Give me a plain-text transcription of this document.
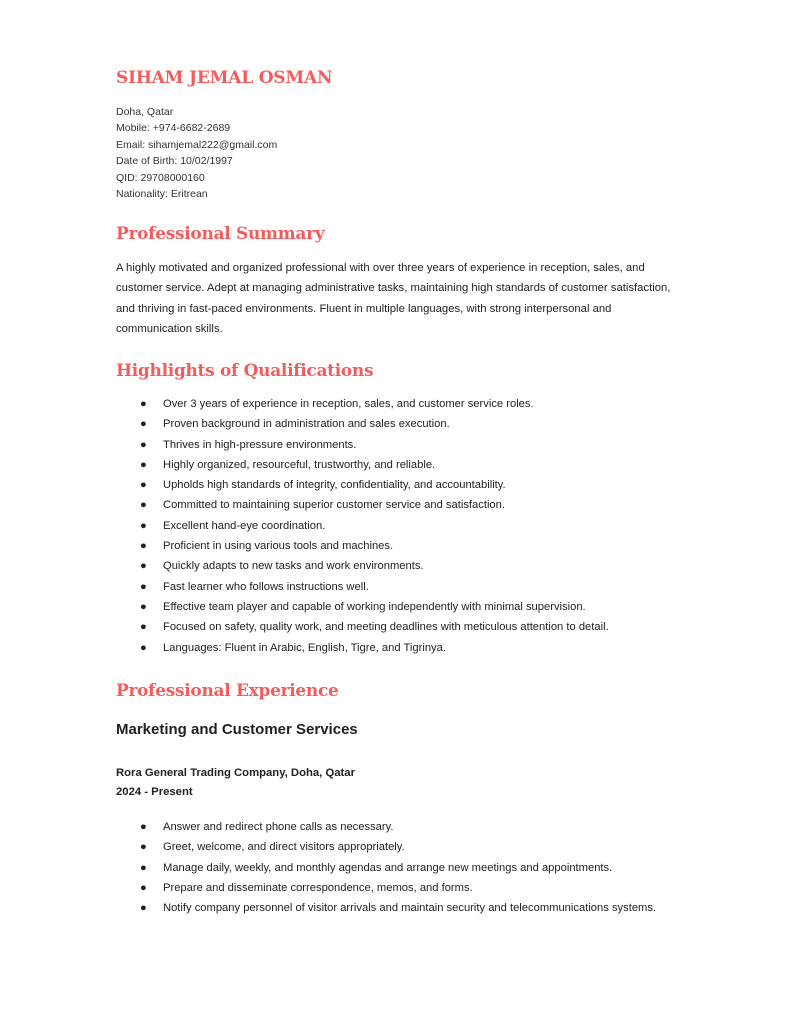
SIHAM JEMAL OSMAN
Doha, Qatar
Mobile: +974-6682-2689
Email: sihamjemal222@gmail.com
Date of Birth: 10/02/1997
QID: 29708000160
Nationality: Eritrean
Professional Summary

A highly motivated and organized professional with over three years of experience in reception, sales, and customer service. Adept at managing administrative tasks, maintaining high standards of customer satisfaction, and thriving in fast-paced environments. Fluent in multiple languages, with strong interpersonal and communication skills.

Highlights of Qualifications
● Over 3 years of experience in reception, sales, and customer service roles.
● Proven background in administration and sales execution.
● Thrives in high-pressure environments.
● Highly organized, resourceful, trustworthy, and reliable.
● Upholds high standards of integrity, confidentiality, and accountability.
● Committed to maintaining superior customer service and satisfaction.
● Excellent hand-eye coordination.
● Proficient in using various tools and machines.
● Quickly adapts to new tasks and work environments.
● Fast learner who follows instructions well.
● Effective team player and capable of working independently with minimal supervision.
● Focused on safety, quality work, and meeting deadlines with meticulous attention to detail.
● Languages: Fluent in Arabic, English, Tigre, and Tigrinya.
Professional Experience
Marketing and Customer Services
Rora General Trading Company, Doha, Qatar
2024 - Present
● Answer and redirect phone calls as necessary.
● Greet, welcome, and direct visitors appropriately.
● Manage daily, weekly, and monthly agendas and arrange new meetings and appointments.
● Prepare and disseminate correspondence, memos, and forms.
● Notify company personnel of visitor arrivals and maintain security and telecommunications systems.
